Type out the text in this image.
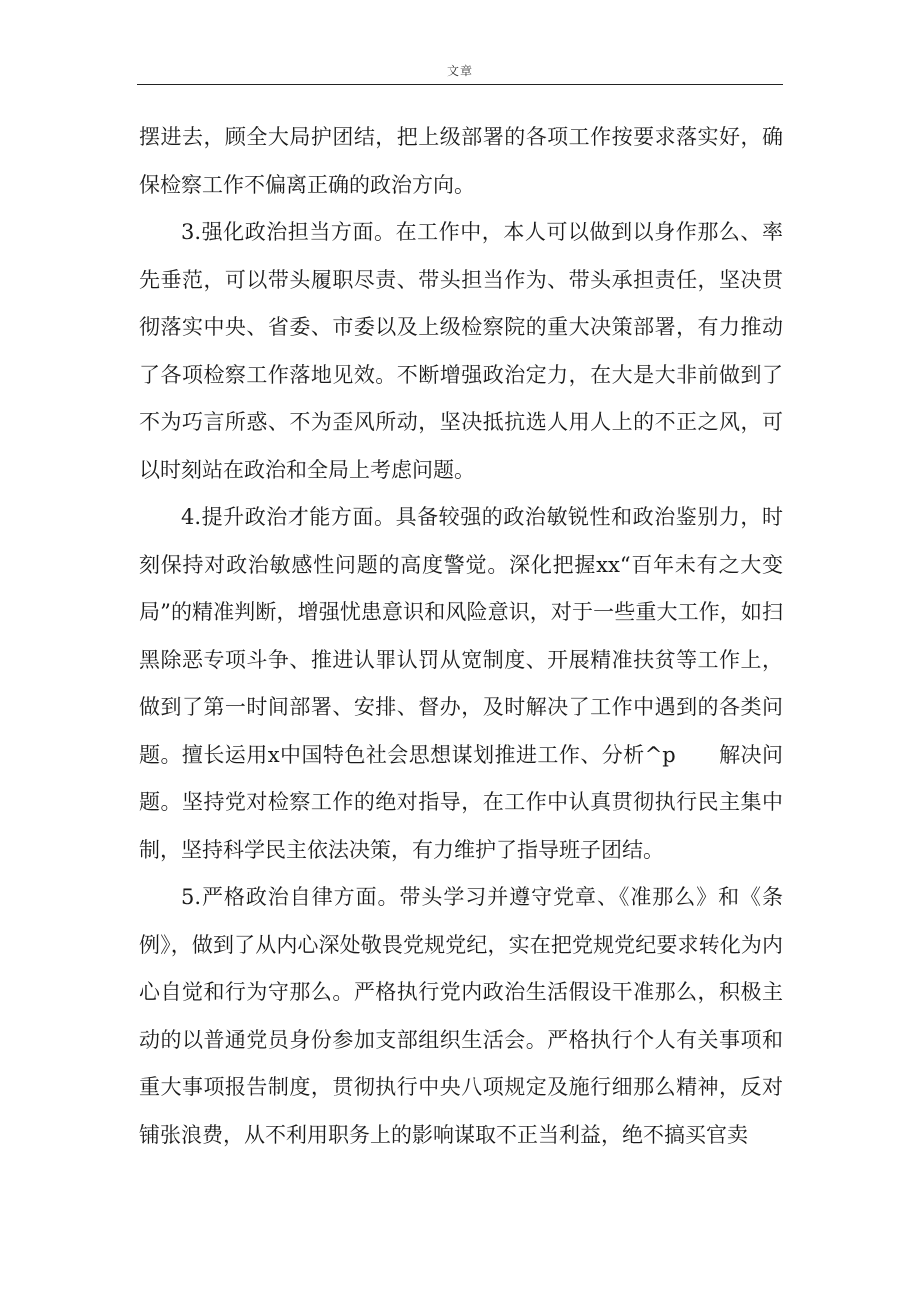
文章

摆进去，顾全大局护团结，把上级部署的各项工作按要求落实好，确保检察工作不偏离正确的政治方向。

3.强化政治担当方面。在工作中，本人可以做到以身作那么、率先垂范，可以带头履职尽责、带头担当作为、带头承担责任，坚决贯彻落实中央、省委、市委以及上级检察院的重大决策部署，有力推动了各项检察工作落地见效。不断增强政治定力，在大是大非前做到了不为巧言所惑、不为歪风所动，坚决抵抗选人用人上的不正之风，可以时刻站在政治和全局上考虑问题。

4.提升政治才能方面。具备较强的政治敏锐性和政治鉴别力，时刻保持对政治敏感性问题的高度警觉。深化把握xx“百年未有之大变局”的精准判断，增强忧患意识和风险意识，对于一些重大工作，如扫黑除恶专项斗争、推进认罪认罚从宽制度、开展精准扶贫等工作上，做到了第一时间部署、安排、督办，及时解决了工作中遇到的各类问题。擅长运用x中国特色社会思想谋划推进工作、分析^p　　解决问题。坚持党对检察工作的绝对指导，在工作中认真贯彻执行民主集中制，坚持科学民主依法决策，有力维护了指导班子团结。

5.严格政治自律方面。带头学习并遵守党章、《准那么》和《条例》，做到了从内心深处敬畏党规党纪，实在把党规党纪要求转化为内心自觉和行为守那么。严格执行党内政治生活假设干准那么，积极主动的以普通党员身份参加支部组织生活会。严格执行个人有关事项和重大事项报告制度，贯彻执行中央八项规定及施行细那么精神，反对铺张浪费，从不利用职务上的影响谋取不正当利益，绝不搞买官卖
